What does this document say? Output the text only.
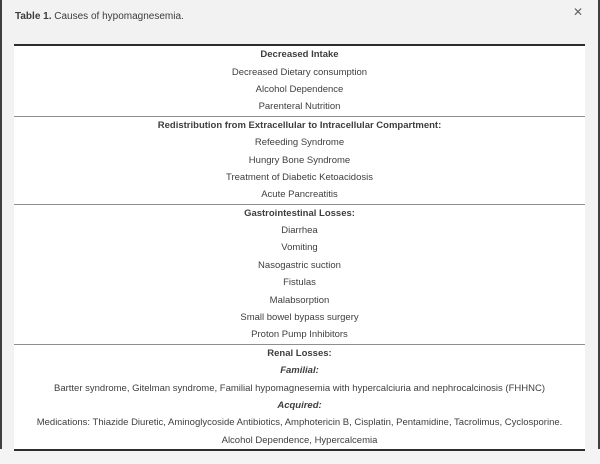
Table 1. Causes of hypomagnesemia.	✕
Decreased Intake
Decreased Dietary consumption
Alcohol Dependence
Parenteral Nutrition
Redistribution from Extracellular to Intracellular Compartment:
Refeeding Syndrome
Hungry Bone Syndrome
Treatment of Diabetic Ketoacidosis
Acute Pancreatitis
Gastrointestinal Losses:
Diarrhea
Vomiting
Nasogastric suction
Fistulas
Malabsorption
Small bowel bypass surgery
Proton Pump Inhibitors
Renal Losses:
Familial:
Bartter syndrome, Gitelman syndrome, Familial hypomagnesemia with hypercalciuria and nephrocalcinosis (FHHNC)
Acquired:
Medications: Thiazide Diuretic, Aminoglycoside Antibiotics, Amphotericin B, Cisplatin, Pentamidine, Tacrolimus, Cyclosporine.
Alcohol Dependence, Hypercalcemia
